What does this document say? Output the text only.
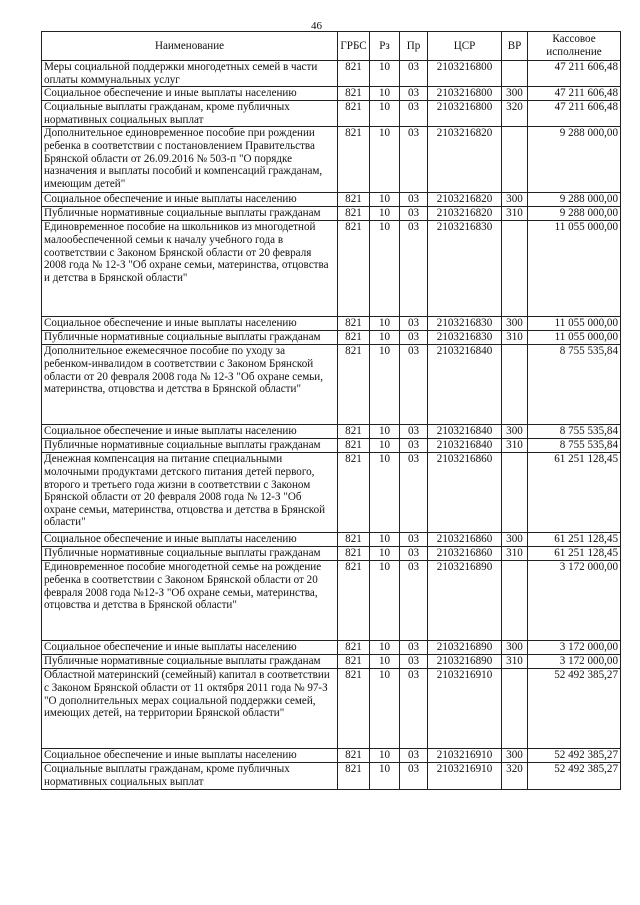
46
Наименование	ГРБС	Рз	Пр	ЦСР	ВР	Кассовое исполнение
Меры социальной поддержки многодетных семей в части оплаты коммунальных услуг	821	10	03	2103216800		47 211 606,48
Социальное обеспечение и иные выплаты населению	821	10	03	2103216800	300	47 211 606,48
Социальные выплаты гражданам, кроме публичных нормативных социальных выплат	821	10	03	2103216800	320	47 211 606,48
Дополнительное единовременное пособие при рождении ребенка в соответствии с постановлением Правительства Брянской области от 26.09.2016 № 503-п "О порядке назначения и выплаты пособий и компенсаций гражданам, имеющим детей"	821	10	03	2103216820		9 288 000,00
Социальное обеспечение и иные выплаты населению	821	10	03	2103216820	300	9 288 000,00
Публичные нормативные социальные выплаты гражданам	821	10	03	2103216820	310	9 288 000,00
Единовременное пособие на школьников из многодетной малообеспеченной семьи к началу учебного года в соответствии с Законом Брянской области от 20 февраля 2008 года № 12-З "Об охране семьи, материнства, отцовства и детства в Брянской области"	821	10	03	2103216830		11 055 000,00
Социальное обеспечение и иные выплаты населению	821	10	03	2103216830	300	11 055 000,00
Публичные нормативные социальные выплаты гражданам	821	10	03	2103216830	310	11 055 000,00
Дополнительное ежемесячное пособие по уходу за ребенком-инвалидом в соответствии с Законом Брянской области от 20 февраля 2008 года № 12-З "Об охране семьи, материнства, отцовства и детства в Брянской области"	821	10	03	2103216840		8 755 535,84
Социальное обеспечение и иные выплаты населению	821	10	03	2103216840	300	8 755 535,84
Публичные нормативные социальные выплаты гражданам	821	10	03	2103216840	310	8 755 535,84
Денежная компенсация на питание специальными молочными продуктами детского питания детей первого, второго и третьего года жизни в соответствии с Законом Брянской области от 20 февраля 2008 года № 12-З "Об охране семьи, материнства, отцовства и детства в Брянской области"	821	10	03	2103216860		61 251 128,45
Социальное обеспечение и иные выплаты населению	821	10	03	2103216860	300	61 251 128,45
Публичные нормативные социальные выплаты гражданам	821	10	03	2103216860	310	61 251 128,45
Единовременное пособие многодетной семье на рождение ребенка в соответствии с Законом Брянской области от 20 февраля 2008 года №12-З "Об охране семьи, материнства, отцовства и детства в Брянской области"	821	10	03	2103216890		3 172 000,00
Социальное обеспечение и иные выплаты населению	821	10	03	2103216890	300	3 172 000,00
Публичные нормативные социальные выплаты гражданам	821	10	03	2103216890	310	3 172 000,00
Областной материнский (семейный) капитал в соответствии с Законом Брянской области от 11 октября 2011 года № 97-З "О дополнительных мерах социальной поддержки семей, имеющих детей, на территории Брянской области"	821	10	03	2103216910		52 492 385,27
Социальное обеспечение и иные выплаты населению	821	10	03	2103216910	300	52 492 385,27
Социальные выплаты гражданам, кроме публичных нормативных социальных выплат	821	10	03	2103216910	320	52 492 385,27
